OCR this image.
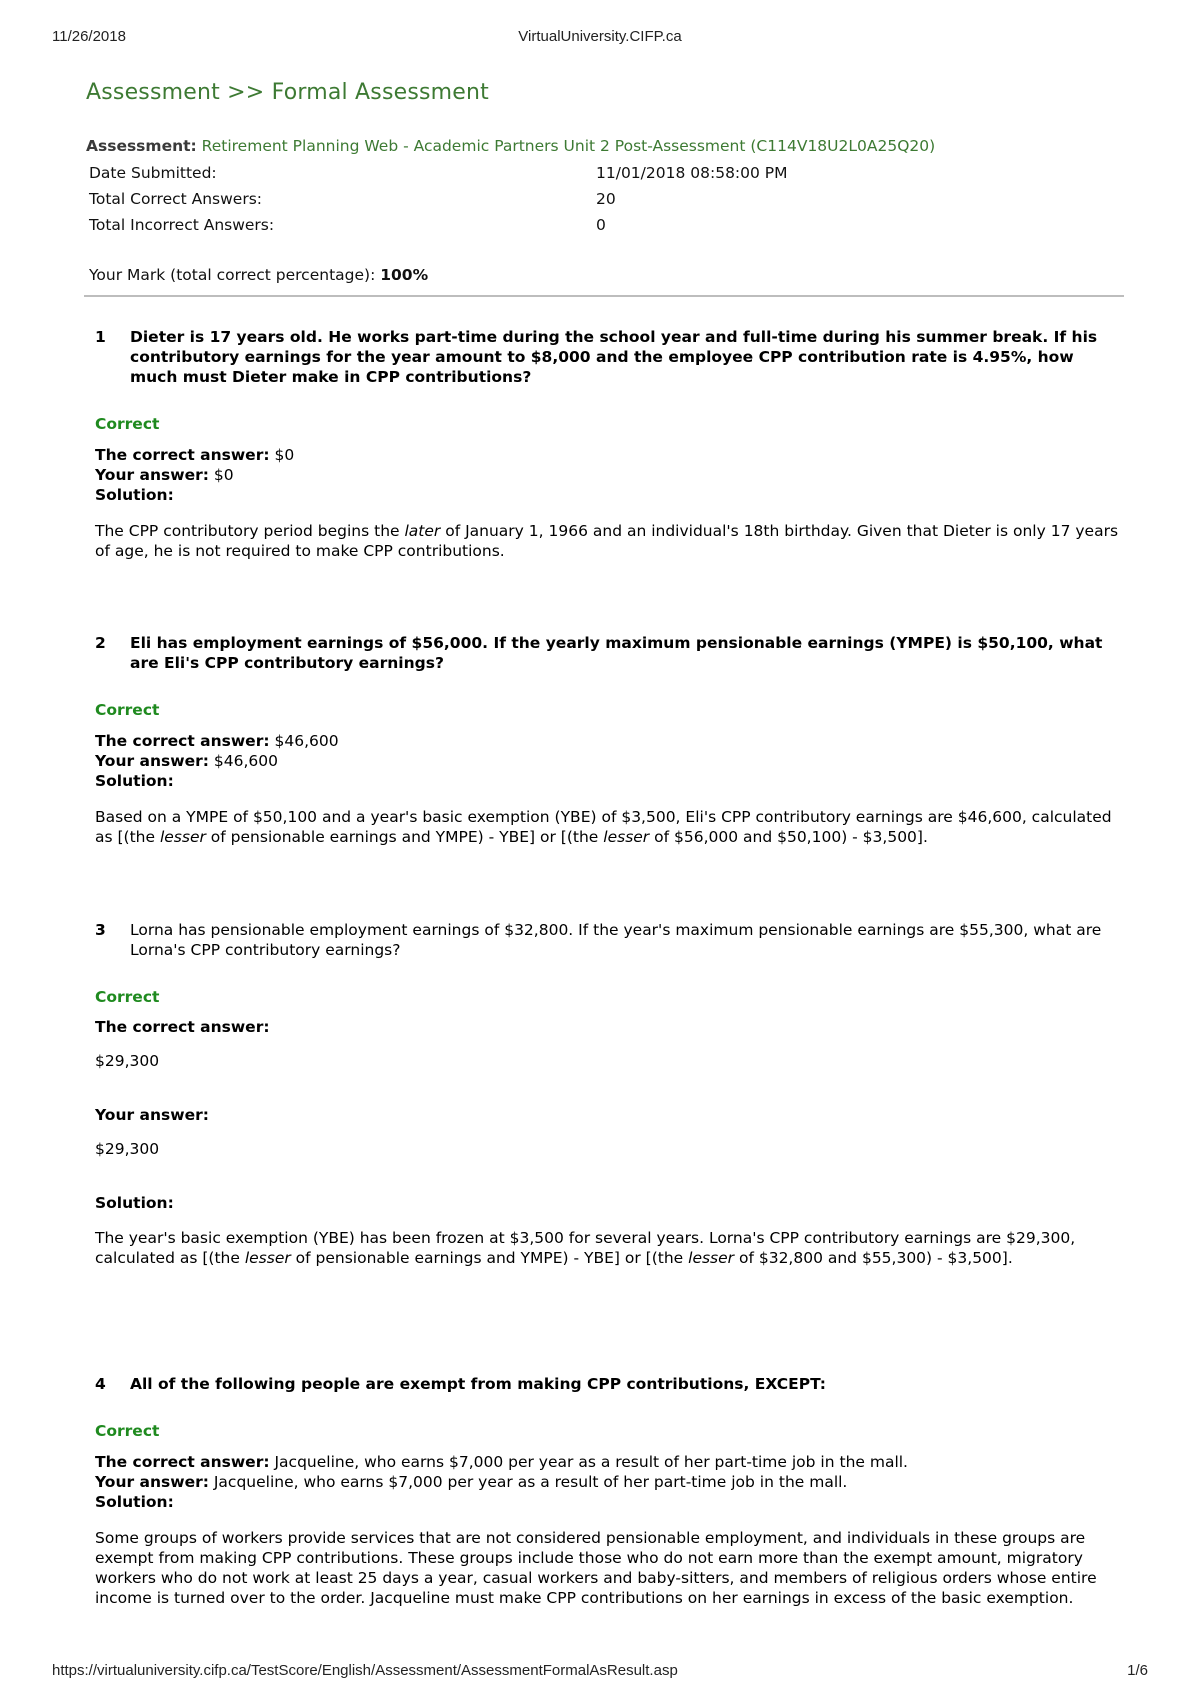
11/26/2018	VirtualUniversity.CIFP.ca
Assessment >> Formal Assessment
Assessment: Retirement Planning Web - Academic Partners Unit 2 Post-Assessment (C114V18U2L0A25Q20)
Date Submitted:	11/01/2018 08:58:00 PM
Total Correct Answers:	20
Total Incorrect Answers:	0
Your Mark (total correct percentage): 100%

1 Dieter is 17 years old. He works part-time during the school year and full-time during his summer break. If his contributory earnings for the year amount to $8,000 and the employee CPP contribution rate is 4.95%, how much must Dieter make in CPP contributions?

Correct

The correct answer: $0

Your answer: $0

Solution:

The CPP contributory period begins the later of January 1, 1966 and an individual's 18th birthday. Given that Dieter is only 17 years of age, he is not required to make CPP contributions.

2 Eli has employment earnings of $56,000. If the yearly maximum pensionable earnings (YMPE) is $50,100, what are Eli's CPP contributory earnings?

Correct

The correct answer: $46,600

Your answer: $46,600

Solution:

Based on a YMPE of $50,100 and a year's basic exemption (YBE) of $3,500, Eli's CPP contributory earnings are $46,600, calculated as [(the lesser of pensionable earnings and YMPE) - YBE] or [(the lesser of $56,000 and $50,100) - $3,500].

3 Lorna has pensionable employment earnings of $32,800. If the year's maximum pensionable earnings are $55,300, what are Lorna's CPP contributory earnings?

Correct
The correct answer:
$29,300
Your answer:
$29,300
Solution:
The year's basic exemption (YBE) has been frozen at $3,500 for several years. Lorna's CPP contributory earnings are $29,300, calculated as [(the lesser of pensionable earnings and YMPE) - YBE] or [(the lesser of $32,800 and $55,300) - $3,500].

4 All of the following people are exempt from making CPP contributions, EXCEPT:

Correct

The correct answer: Jacqueline, who earns $7,000 per year as a result of her part-time job in the mall.

Your answer: Jacqueline, who earns $7,000 per year as a result of her part-time job in the mall.

Solution:

Some groups of workers provide services that are not considered pensionable employment, and individuals in these groups are exempt from making CPP contributions. These groups include those who do not earn more than the exempt amount, migratory workers who do not work at least 25 days a year, casual workers and baby-sitters, and members of religious orders whose entire income is turned over to the order. Jacqueline must make CPP contributions on her earnings in excess of the basic exemption.
https://virtualuniversity.cifp.ca/TestScore/English/Assessment/AssessmentFormalAsResult.asp	1/6
